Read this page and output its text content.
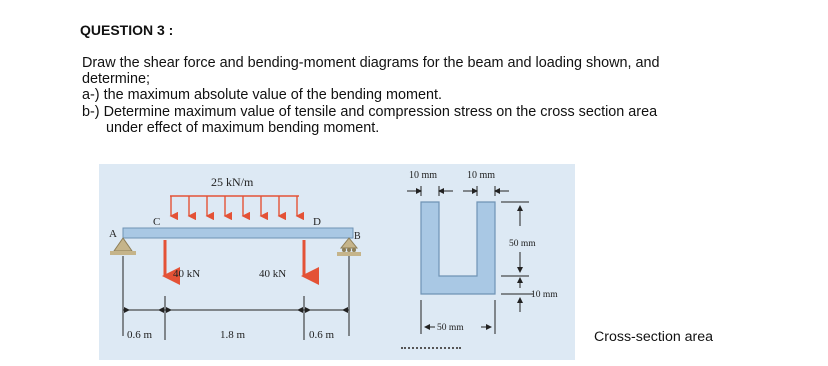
QUESTION 3 :
Draw the shear force and bending-moment diagrams for the beam and loading shown, and
determine;
a-) the maximum absolute value of the bending moment.
b-) Determine maximum value of tensile and compression stress on the cross section area
under effect of maximum bending moment.
25 kN/m
A
C	D
B
40 kN	40 kN
0.6 m	1.8 m	0.6 m
10 mm	10 mm
50 mm
10 mm
50 mm
Cross-section area
